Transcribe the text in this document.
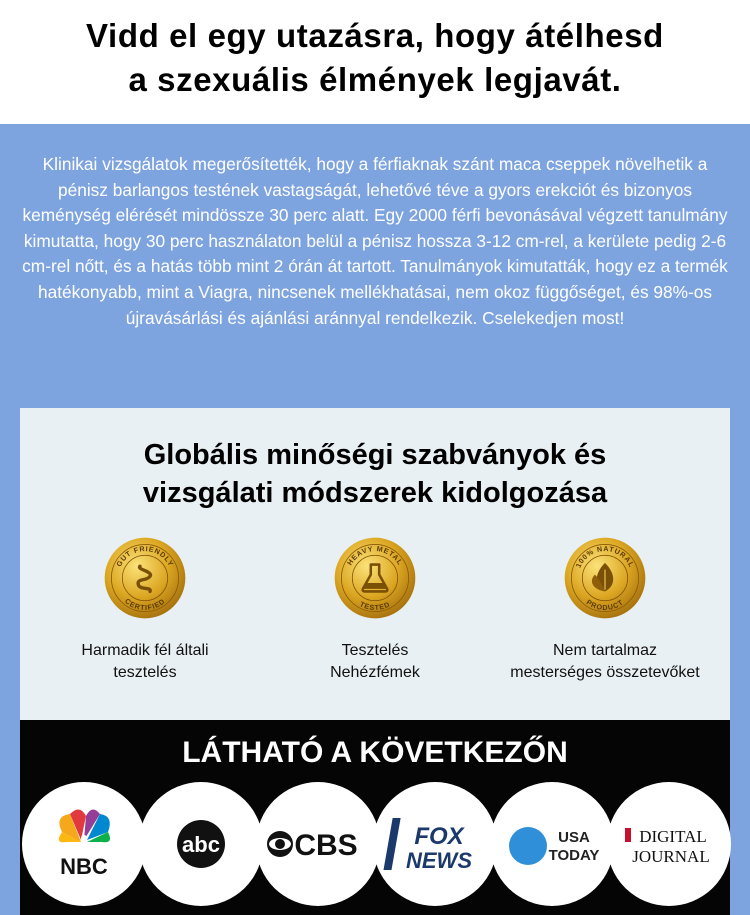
Vidd el egy utazásra, hogy átélhesd
a szexuális élmények legjavát.

Klinikai vizsgálatok megerősítették, hogy a férfiaknak szánt maca cseppek növelhetik a pénisz barlangos testének vastagságát, lehetővé téve a gyors erekciót és bizonyos keménység elérését mindössze 30 perc alatt. Egy 2000 férfi bevonásával végzett tanulmány kimutatta, hogy 30 perc használaton belül a pénisz hossza 3-12 cm-rel, a kerülete pedig 2-6 cm-rel nőtt, és a hatás több mint 2 órán át tartott. Tanulmányok kimutatták, hogy ez a termék hatékonyabb, mint a Viagra, nincsenek mellékhatásai, nem okoz függőséget, és 98%-os újravásárlási és ajánlási aránnyal rendelkezik. Cselekedjen most!

Globális minőségi szabványok és
vizsgálati módszerek kidolgozása
GUT FRIENDLY
CERTIFIED
Harmadik fél általi
tesztelés
HEAVY METAL
TESTED
Tesztelés
Nehézfémek
100% NATURAL
PRODUCT
Nem tartalmaz
mesterséges összetevőket
LÁTHATÓ A KÖVETKEZŐN
NBC
abc CBS FOX
NEWS
USA
TODAY
DIGITAL
JOURNAL
